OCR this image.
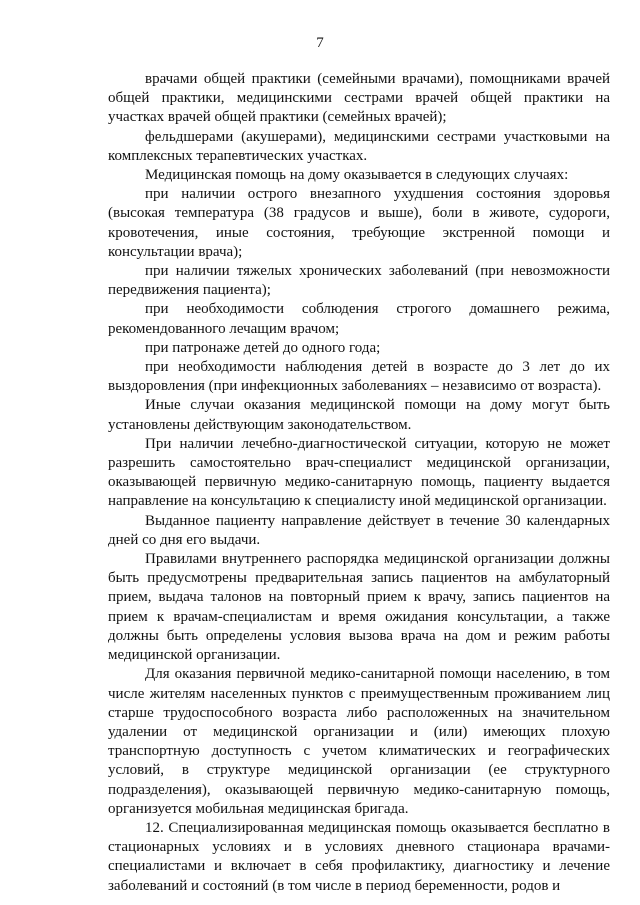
7

врачами общей практики (семейными врачами), помощниками врачей общей практики, медицинскими сестрами врачей общей практики на участках врачей общей практики (семейных врачей);

фельдшерами (акушерами), медицинскими сестрами участковыми на комплексных терапевтических участках.

Медицинская помощь на дому оказывается в следующих случаях:

при наличии острого внезапного ухудшения состояния здоровья (высокая температура (38 градусов и выше), боли в животе, судороги, кровотечения, иные состояния, требующие экстренной помощи и консультации врача);

при наличии тяжелых хронических заболеваний (при невозможности передвижения пациента);

при необходимости соблюдения строгого домашнего режима, рекомендованного лечащим врачом;

при патронаже детей до одного года;

при необходимости наблюдения детей в возрасте до 3 лет до их выздоровления (при инфекционных заболеваниях – независимо от возраста).

Иные случаи оказания медицинской помощи на дому могут быть установлены действующим законодательством.

При наличии лечебно-диагностической ситуации, которую не может разрешить самостоятельно врач-специалист медицинской организации, оказывающей первичную медико-санитарную помощь, пациенту выдается направление на консультацию к специалисту иной медицинской организации.

Выданное пациенту направление действует в течение 30 календарных дней со дня его выдачи.

Правилами внутреннего распорядка медицинской организации должны быть предусмотрены предварительная запись пациентов на амбулаторный прием, выдача талонов на повторный прием к врачу, запись пациентов на прием к врачам-специалистам и время ожидания консультации, а также должны быть определены условия вызова врача на дом и режим работы медицинской организации.

Для оказания первичной медико-санитарной помощи населению, в том числе жителям населенных пунктов с преимущественным проживанием лиц старше трудоспособного возраста либо расположенных на значительном удалении от медицинской организации и (или) имеющих плохую транспортную доступность с учетом климатических и географических условий, в структуре медицинской организации (ее структурного подразделения), оказывающей первичную медико-санитарную помощь, организуется мобильная медицинская бригада.

12. Специализированная медицинская помощь оказывается бесплатно в стационарных условиях и в условиях дневного стационара врачами-специалистами и включает в себя профилактику, диагностику и лечение заболеваний и состояний (в том числе в период беременности, родов и
